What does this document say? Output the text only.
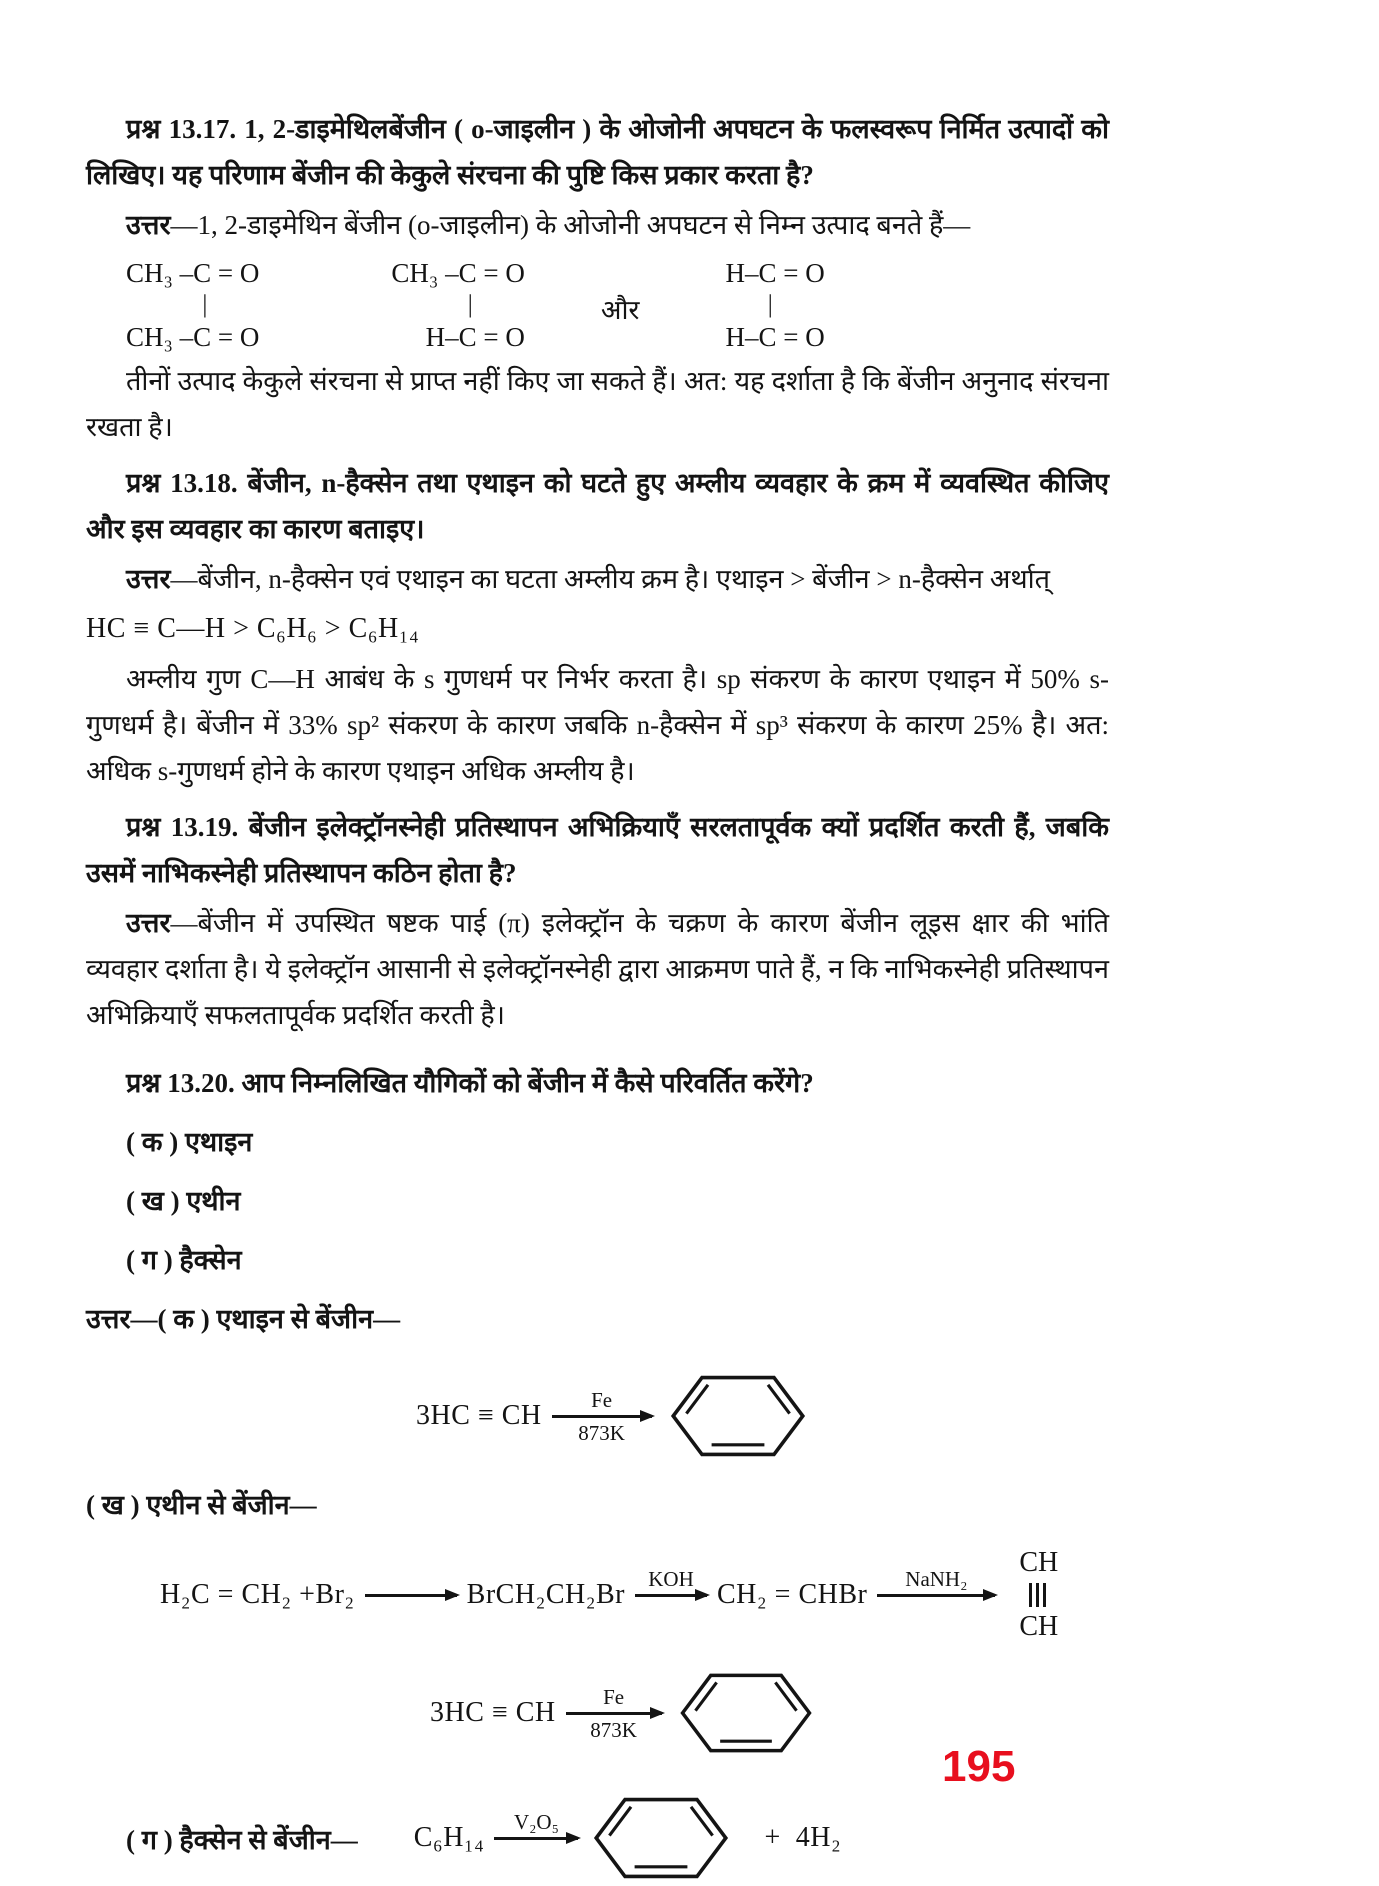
प्रश्न 13.17. 1, 2-डाइमेथिलबेंजीन ( o-जाइलीन ) के ओजोनी अपघटन के फलस्वरूप निर्मित उत्पादों को लिखिए। यह परिणाम बेंजीन की केकुले संरचना की पुष्टि किस प्रकार करता है?

उत्तर—1, 2-डाइमेथिन बेंजीन (o-जाइलीन) के ओजोनी अपघटन से निम्न उत्पाद बनते हैं—

CH₃ –C = O
|
CH₃ –C = O
CH₃ –C = O
|
H–C = O
और
H–C = O
|
H–C = O

तीनों उत्पाद केकुले संरचना से प्राप्त नहीं किए जा सकते हैं। अत: यह दर्शाता है कि बेंजीन अनुनाद संरचना रखता है।

प्रश्न 13.18. बेंजीन, n-हैक्सेन तथा एथाइन को घटते हुए अम्लीय व्यवहार के क्रम में व्यवस्थित कीजिए और इस व्यवहार का कारण बताइए।

उत्तर—बेंजीन, n-हैक्सेन एवं एथाइन का घटता अम्लीय क्रम है। एथाइन > बेंजीन > n-हैक्सेन अर्थात्

HC ≡ C—H > C₆H₆ > C₆H₁₄

अम्लीय गुण C—H आबंध के s गुणधर्म पर निर्भर करता है। sp संकरण के कारण एथाइन में 50% s-गुणधर्म है। बेंजीन में 33% sp² संकरण के कारण जबकि n-हैक्सेन में sp³ संकरण के कारण 25% है। अत: अधिक s-गुणधर्म होने के कारण एथाइन अधिक अम्लीय है।

प्रश्न 13.19. बेंजीन इलेक्ट्रॉनस्नेही प्रतिस्थापन अभिक्रियाएँ सरलतापूर्वक क्यों प्रदर्शित करती हैं, जबकि उसमें नाभिकस्नेही प्रतिस्थापन कठिन होता है?

उत्तर—बेंजीन में उपस्थित षष्टक पाई (π) इलेक्ट्रॉन के चक्रण के कारण बेंजीन लूइस क्षार की भांति व्यवहार दर्शाता है। ये इलेक्ट्रॉन आसानी से इलेक्ट्रॉनस्नेही द्वारा आक्रमण पाते हैं, न कि नाभिकस्नेही प्रतिस्थापन अभिक्रियाएँ सफलतापूर्वक प्रदर्शित करती है।

प्रश्न 13.20. आप निम्नलिखित यौगिकों को बेंजीन में कैसे परिवर्तित करेंगे?

( क ) एथाइन

( ख ) एथीन

( ग ) हैक्सेन

उत्तर—( क ) एथाइन से बेंजीन—

3HC ≡ CH
Fe
873K

( ख ) एथीन से बेंजीन—

H₂C = CH₂ +Br₂ → BrCH₂CH₂Br
KOH
CH₂ = CHBr
NaNH₂
CH
CH
3HC ≡ CH
Fe
873K
( ग ) हैक्सेन से बेंजीन— C₆H₁₄
V₂O₅
+ 4H₂
195
